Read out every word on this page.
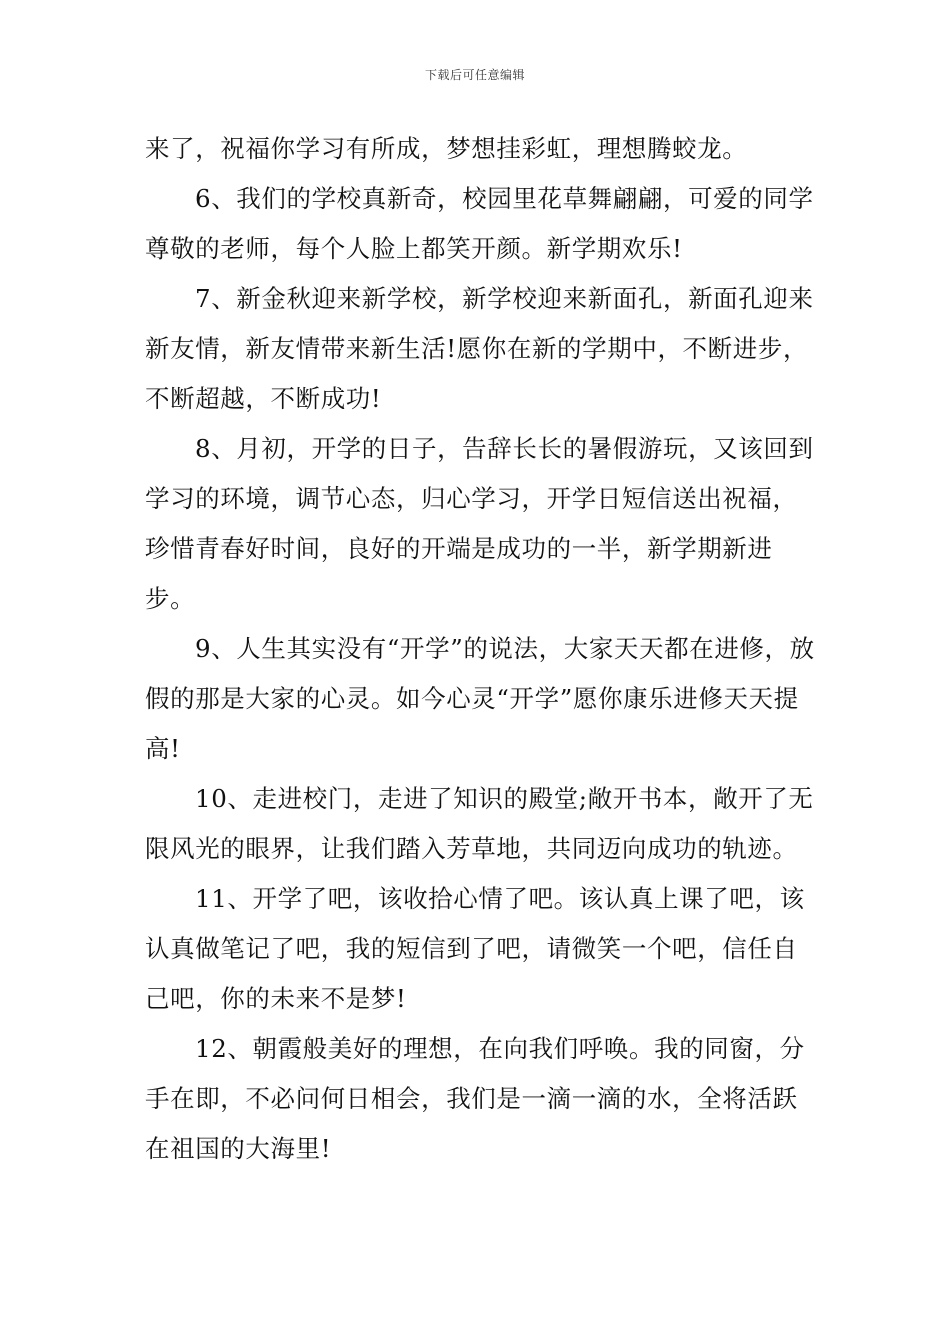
下载后可任意编辑

来了，祝福你学习有所成，梦想挂彩虹，理想腾蛟龙。

6、我们的学校真新奇，校园里花草舞翩翩，可爱的同学尊敬的老师，每个人脸上都笑开颜。新学期欢乐!

7、新金秋迎来新学校，新学校迎来新面孔，新面孔迎来新友情，新友情带来新生活!愿你在新的学期中，不断进步，不断超越，不断成功!

8、月初，开学的日子，告辞长长的暑假游玩，又该回到学习的环境，调节心态，归心学习，开学日短信送出祝福，珍惜青春好时间，良好的开端是成功的一半，新学期新进步。

9、人生其实没有“开学”的说法，大家天天都在进修，放假的那是大家的心灵。如今心灵“开学”愿你康乐进修天天提高!

10、走进校门，走进了知识的殿堂;敞开书本，敞开了无限风光的眼界，让我们踏入芳草地，共同迈向成功的轨迹。

11、开学了吧，该收拾心情了吧。该认真上课了吧，该认真做笔记了吧，我的短信到了吧，请微笑一个吧，信任自己吧，你的未来不是梦!

12、朝霞般美好的理想，在向我们呼唤。我的同窗，分手在即，不必问何日相会，我们是一滴一滴的水，全将活跃在祖国的大海里!
